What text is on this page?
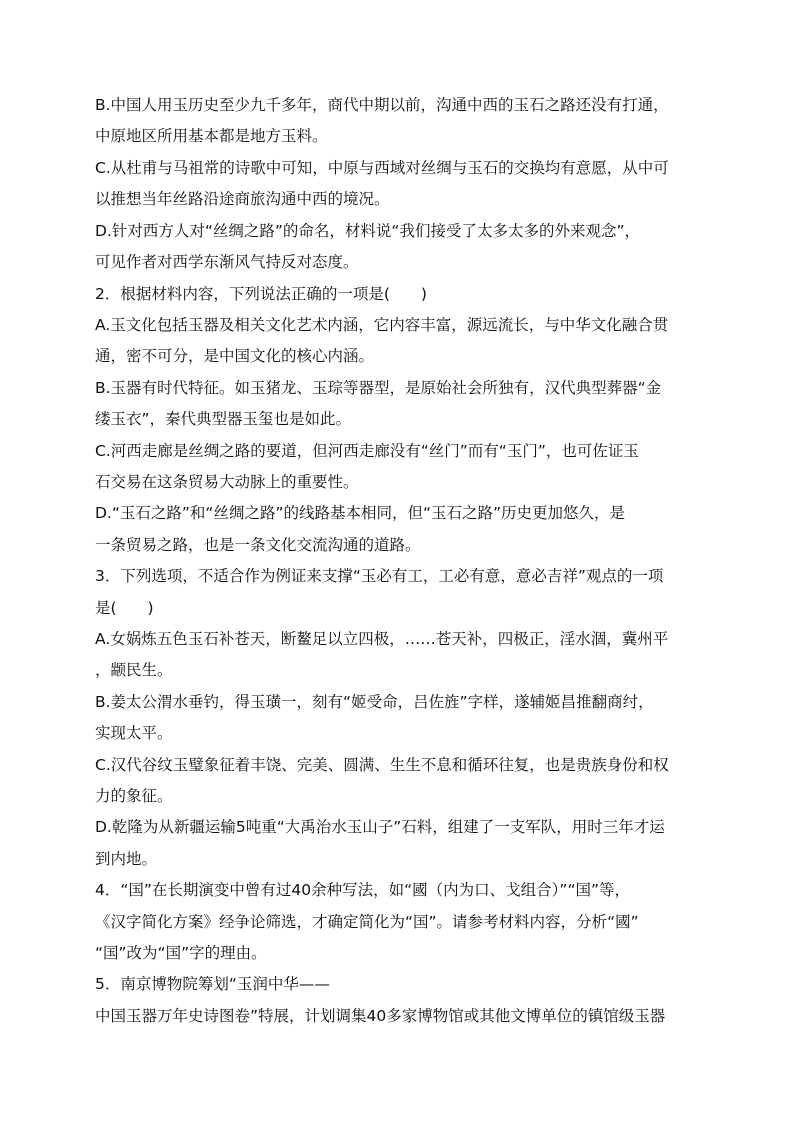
B.中国人用玉历史至少九千多年，商代中期以前，沟通中西的玉石之路还没有打通，
中原地区所用基本都是地方玉料。
C.从杜甫与马祖常的诗歌中可知，中原与西域对丝绸与玉石的交换均有意愿，从中可
以推想当年丝路沿途商旅沟通中西的境况。
D.针对西方人对“丝绸之路”的命名，材料说“我们接受了太多太多的外来观念”，
可见作者对西学东渐风气持反对态度。
2．根据材料内容，下列说法正确的一项是(　　)
A.玉文化包括玉器及相关文化艺术内涵，它内容丰富，源远流长，与中华文化融合贯
通，密不可分，是中国文化的核心内涵。
B.玉器有时代特征。如玉猪龙、玉琮等器型，是原始社会所独有，汉代典型葬器“金
缕玉衣”，秦代典型器玉玺也是如此。
C.河西走廊是丝绸之路的要道，但河西走廊没有“丝门”而有“玉门”，也可佐证玉
石交易在这条贸易大动脉上的重要性。
D.“玉石之路”和“丝绸之路”的线路基本相同，但“玉石之路”历史更加悠久，是
一条贸易之路，也是一条文化交流沟通的道路。
3．下列选项，不适合作为例证来支撑“玉必有工，工必有意，意必吉祥”观点的一项
是(　　)
A.女娲炼五色玉石补苍天，断鳌足以立四极，……苍天补，四极正，淫水涸，冀州平
，颛民生。
B.姜太公渭水垂钓，得玉璜一，刻有“姬受命，吕佐旌”字样，遂辅姬昌推翻商纣，
实现太平。
C.汉代谷纹玉璧象征着丰饶、完美、圆满、生生不息和循环往复，也是贵族身份和权
力的象征。
D.乾隆为从新疆运输5吨重“大禹治水玉山子”石料，组建了一支军队，用时三年才运
到内地。
4．“国”在长期演变中曾有过40余种写法，如“國（内为口、戈组合）”“国”等，
《汉字简化方案》经争论筛选，才确定简化为“国”。请参考材料内容，分析“國”
“国”改为“国”字的理由。
5．南京博物院筹划“玉润中华——
中国玉器万年史诗图卷”特展，计划调集40多家博物馆或其他文博单位的镇馆级玉器
